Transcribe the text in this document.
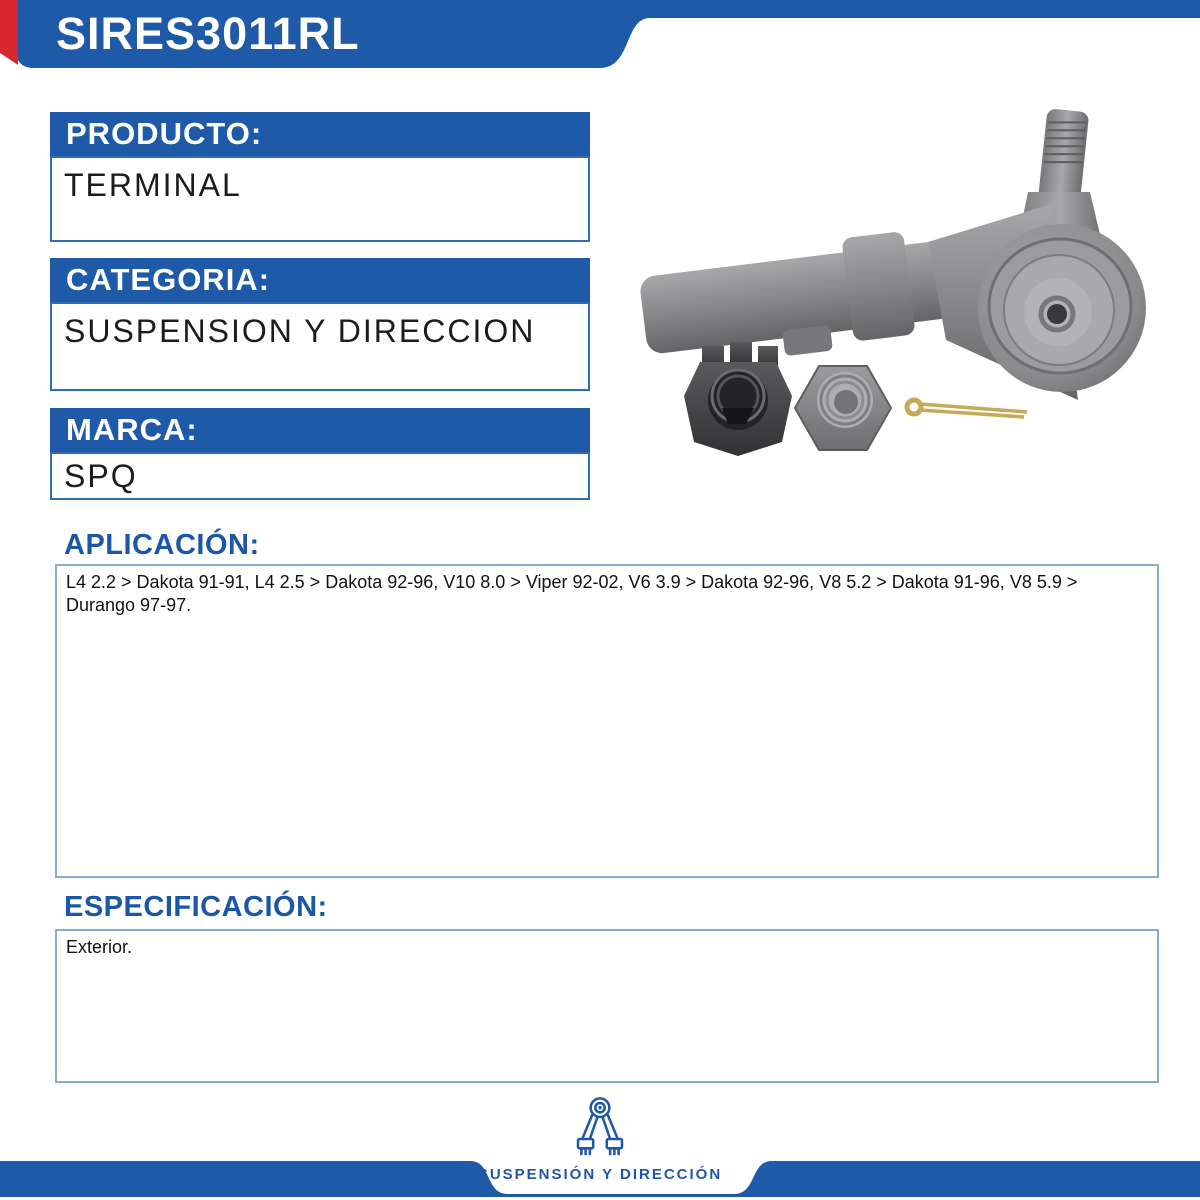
SIRES3011RL
PRODUCTO:
TERMINAL
CATEGORIA:
SUSPENSION Y DIRECCION
MARCA:
SPQ
APLICACIÓN:
L4 2.2 > Dakota 91-91, L4 2.5 > Dakota 92-96, V10 8.0 > Viper 92-02, V6 3.9 > Dakota 92-96, V8 5.2 > Dakota 91-96, V8 5.9 > Durango 97-97.
ESPECIFICACIÓN:
Exterior.
SUSPENSIÓN Y DIRECCIÓN
